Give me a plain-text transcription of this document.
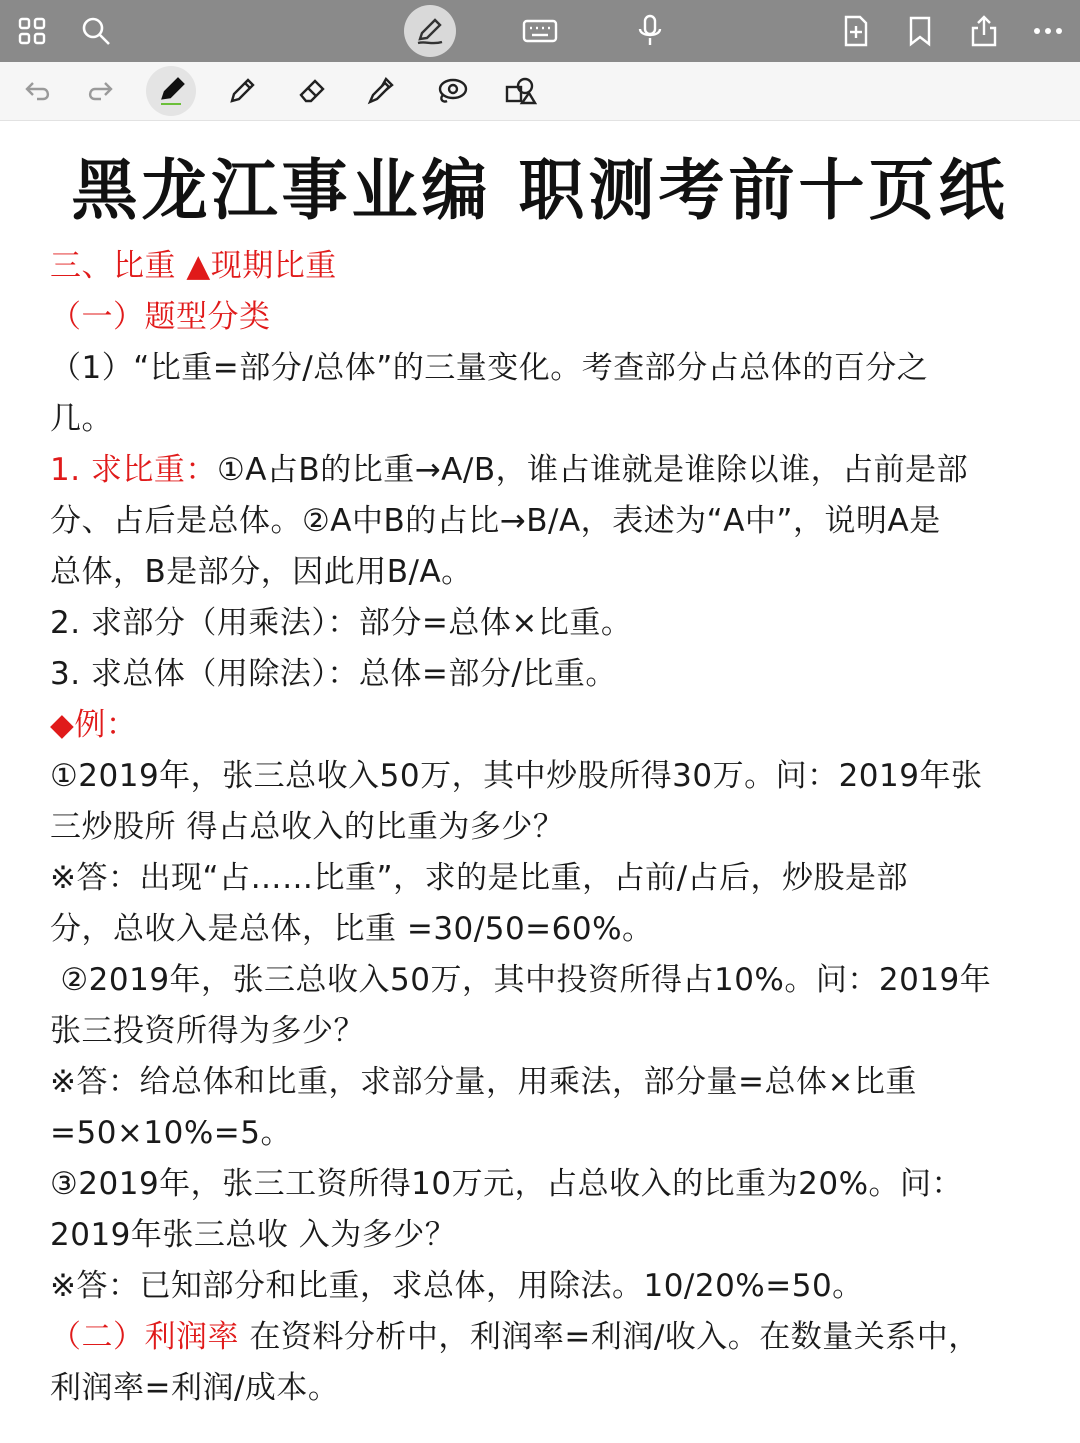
黑龙江事业编 职测考前十页纸
三、比重 ▲现期比重
（一）题型分类
（1）“比重=部分/总体”的三量变化。考查部分占总体的百分之
几。
1. 求比重：①A占B的比重→A/B，谁占谁就是谁除以谁，占前是部
分、占后是总体。②A中B的占比→B/A，表述为“A中”，说明A是
总体，B是部分，因此用B/A。
2. 求部分（用乘法）：部分=总体×比重。
3. 求总体（用除法）：总体=部分/比重。
◆例：
①2019年，张三总收入50万，其中炒股所得30万。问：2019年张
三炒股所 得占总收入的比重为多少？
※答：出现“占……比重”，求的是比重，占前/占后，炒股是部
分，总收入是总体，比重 =30/50=60%。
②2019年，张三总收入50万，其中投资所得占10%。问：2019年
张三投资所得为多少？
※答：给总体和比重，求部分量，用乘法，部分量=总体×比重
=50×10%=5。
③2019年，张三工资所得10万元，占总收入的比重为20%。问：
2019年张三总收 入为多少？
※答：已知部分和比重，求总体，用除法。10/20%=50。
（二）利润率 在资料分析中，利润率=利润/收入。在数量关系中，
利润率=利润/成本。
